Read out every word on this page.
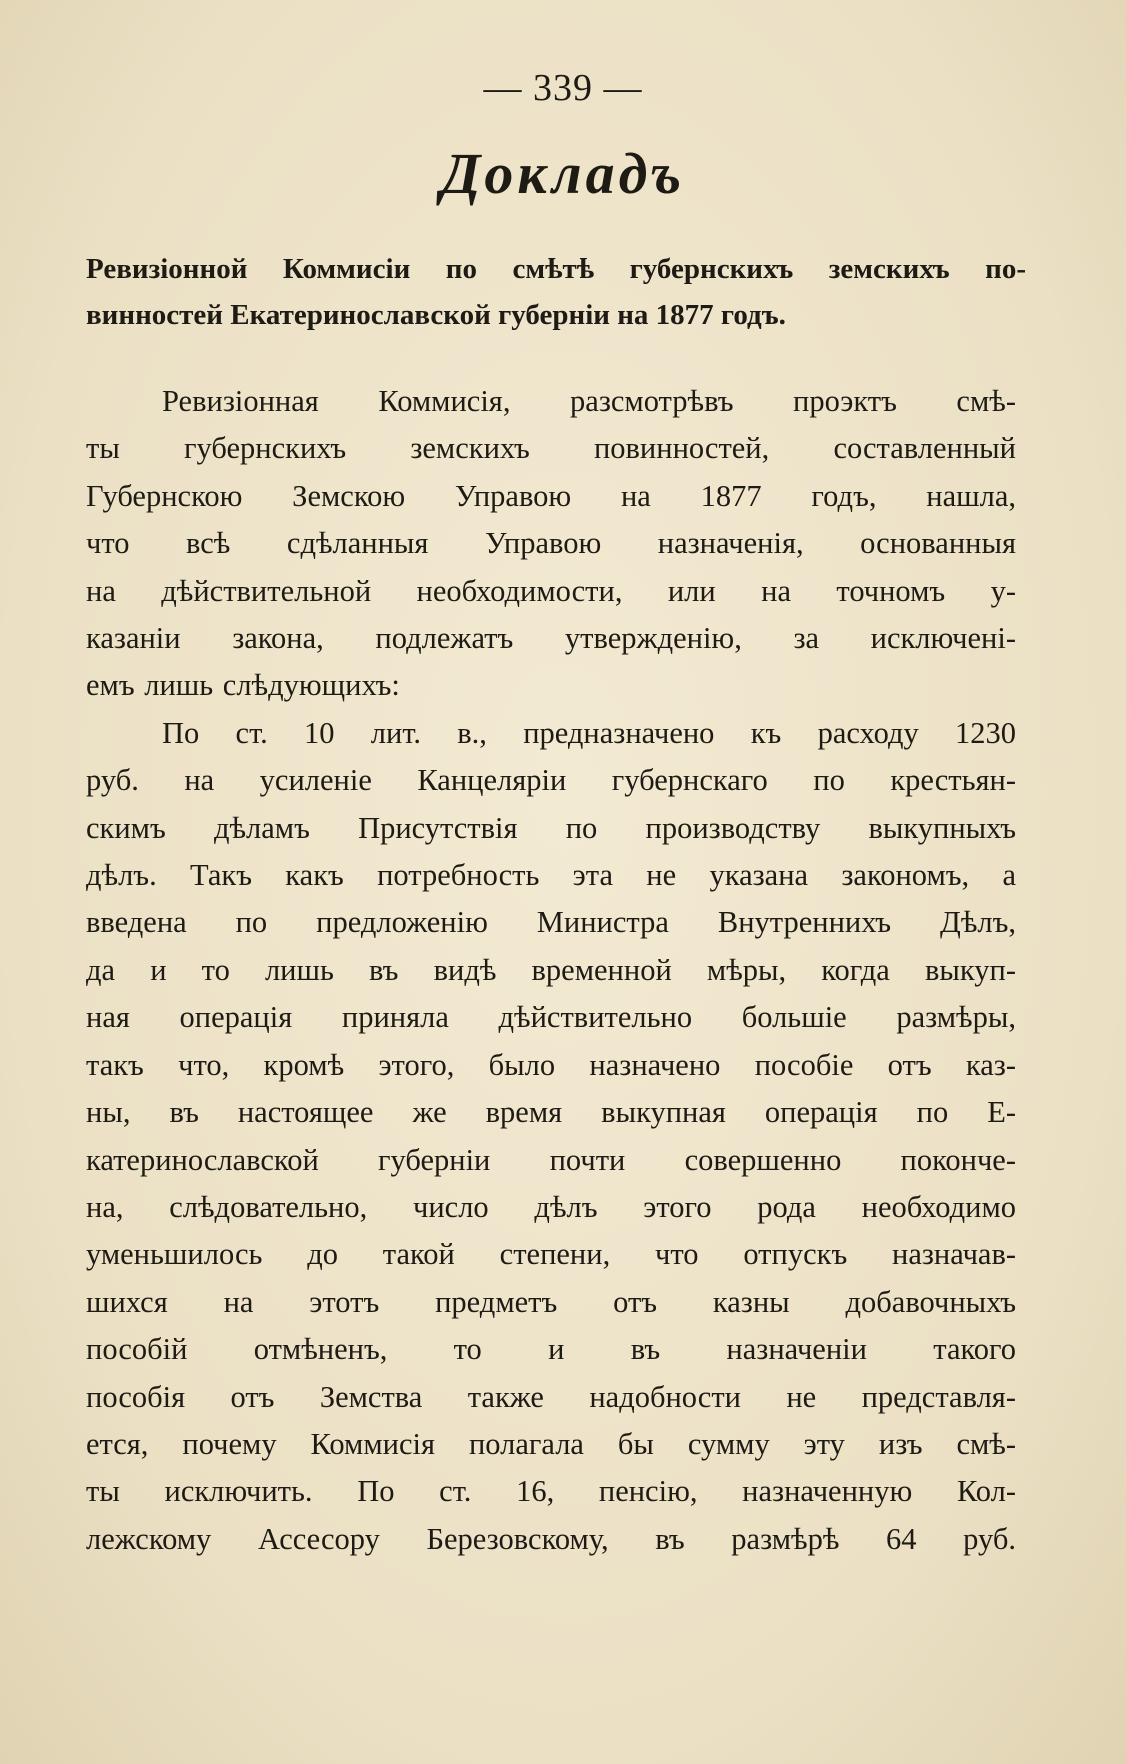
— 339 —
Докладъ
Ревизіонной Коммисіи по смѣтѣ губернскихъ земскихъ по-
винностей Екатеринославской губерніи на 1877 годъ.
Ревизіонная Коммисія, разсмотрѣвъ проэктъ смѣ-
ты губернскихъ земскихъ повинностей, составленный
Губернскою Земскою Управою на 1877 годъ, нашла,
что всѣ сдѣланныя Управою назначенія, основанныя
на дѣйствительной необходимости, или на точномъ у-
казаніи закона, подлежатъ утвержденію, за исключені-
емъ лишь слѣдующихъ:
По ст. 10 лит. в., предназначено къ расходу 1230
руб. на усиленіе Канцеляріи губернскаго по крестьян-
скимъ дѣламъ Присутствія по производству выкупныхъ
дѣлъ. Такъ какъ потребность эта не указана закономъ, а
введена по предложенію Министра Внутреннихъ Дѣлъ,
да и то лишь въ видѣ временной мѣры, когда выкуп-
ная операція приняла дѣйствительно большіе размѣры,
такъ что, кромѣ этого, было назначено пособіе отъ каз-
ны, въ настоящее же время выкупная операція по Е-
катеринославской губерніи почти совершенно поконче-
на, слѣдовательно, число дѣлъ этого рода необходимо
уменьшилось до такой степени, что отпускъ назначав-
шихся на этотъ предметъ отъ казны добавочныхъ
пособій отмѣненъ, то и въ назначеніи такого
пособія отъ Земства также надобности не представля-
ется, почему Коммисія полагала бы сумму эту изъ смѣ-
ты исключить. По ст. 16, пенсію, назначенную Кол-
лежскому Ассесору Березовскому, въ размѣрѣ 64 руб.
